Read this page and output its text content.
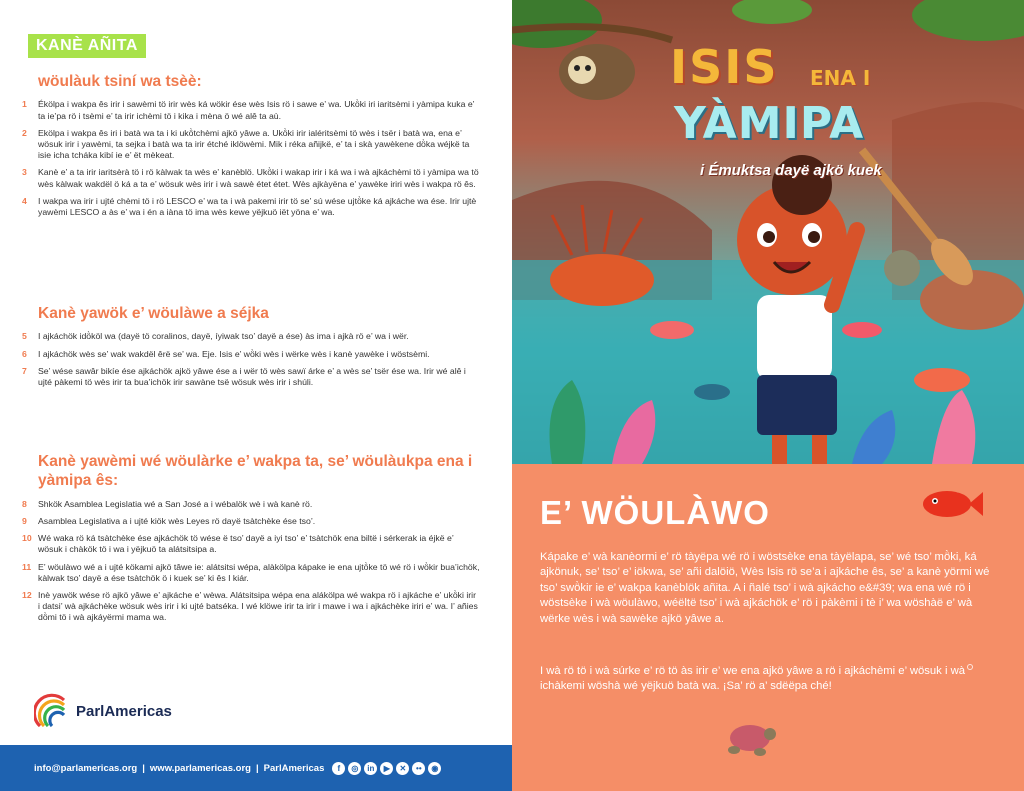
KANÈ AÑITA
wöulàuk tsiní wa tsèè:
1 Ékölpa i wakpa ês irir i sawèmi tö irir wès ká wökir ése wès Isis rö i sawe e’ wa. Ukö̀ki iri iaritsèmi i yàmipa kuka e’ ta ie’pa rö i tsèmi e’ ta irir ichèmi tö i kika i mèna ö wé alê ta aù.
2 Ekölpa i wakpa ês iri i batà wa ta i ki ukö̀tchèmi ajkö yâwe a. Ukö̀ki irir ialéritsèmi tö wès i tsër i batà wa, ena e’ wösuk irir i yawèmi, ta sejka i batà wa ta irir étché iklöwèmi. Mik i réka añijkë, e’ ta i skà yawèkene dö̀ka wéjkë ta isie icha tcháka kibí ie e’ ët mèkeat.
3 Kanè e’ a ta irir iaritsèrà tö i rö kàlwak ta wès e’ kanèblö. Ukö̀ki i wakap irir i ká wa i wà ajkáchèmi tö i yàmipa wa tö wès kàlwak wakdël ö ká a ta e’ wösuk wès irir i wà sawè étet étet. Wès ajkàyëna e’ yawèke iriri wès i wakpa rö ês.
4 I wakpa wa irir i ujté chèmi tö i rö LESCO e’ wa ta i wà pakemi irir tö se’ sú wése ujtö̀ke ká ajkáche wa ése. Irir ujtè yawèmi LESCO a às e’ wa i én a iàna tö ima wès kewe yëjkuö iët yöna e’ wa.
Kanè yawök e’ wöulàwe a séjka
5 I ajkáchök idö̀köl wa (dayë tö coralinos, dayë, íyiwak tso’ dayë a ése) às ima i ajkà rö e’ wa i wër.
6 I ajkáchök wès se’ wak wakdël êrë se’ wa. Eje. Isis e’ wö̀ki wès i wërke wès i kanè yawèke i wöstsèmi.
7 Se’ wése sawâr bikíe ése ajkáchök ajkö yâwe ése a i wër tö wès sawï árke e’ a wès se’ tsër ése wa. Irir wé alê i ujté pàkemi tö wès irir ta bua’ichök irir sawàne tsë wösuk wès irir i shúli.
Kanè yawèmi wé wöulàrke e’ wakpa ta, se’ wöulàukpa ena i yàmipa ês:
8 Shkök Asamblea Legislatia wé a San José a i wébalök wè i wà kanè rö.
9 Asamblea Legislativa a i ujté kiök wès Leyes rö dayë tsàtchèke ése tso’.
10 Wé waka rö ká tsàtchèke ése ajkáchök tö wése ë tso’ dayë a iyi tso’ e’ tsàtchök ena biltë i sérkerak ia éjkë e’ wösuk i chàkök tö i wa i yëjkuö ta alátsitsipa a.
11 E’ wöulàwo wé a i ujté kökami ajkö tâwe ie: alátsitsi wépa, alàkölpa kápake ie ena ujtö̀ke tö wé rö i wö̀kir bua’ichök, kàlwak tso’ dayë a ése tsàtchök ö i kuek se’ ki ês I kiár.
12 Inè yawök wése rö ajkö yâwe e’ ajkáche e’ wèwa. Alátsitsipa wépa ena alákölpa wé wakpa rö i ajkáche e’ ukö̀ki irir i datsi’ wà ajkáchèke wösuk wès irir i ki ujté batséka. I wé klöwe irir ta irir i mawe i wa i ajkáchèke iriri e’ wa. I’ añies dö̀mi tö i wà ajkáyërmi mama wa.
ParlAmericas
info@parlamericas.org | www.parlamericas.org | ParlAmericas	f	◎	in	▶	✕	••	◉
ISIS ENA I
YÀMIPA
i Émuktsa dayë ajkö kuek
E’ WÖULÀWO

Kápake e’ wà kanèormi e’ rö tàyëpa wé rö i wöstsèke ena tàyëlapa, se’ wé tso’ mö̀ki, ká ajkönuk, se’ tso’ e’ iökwa, se’ añi dalöiö, Wès Isis rö se’a i ajkáche ês, se’ a kanè yörmi wé tso’ swö̀kir ie e’ wakpa kanèblök añita. A i ñalé tso’ i wà ajkácho e&#39; wa ena wé rö i wöstsèke i wà wöulàwo, wéëltë tso’ i wà ajkáchök e’ rö i pàkèmi i tè i’ wa wöshàë e’ wà wërke wès i wà sawèke ajkö yâwe a.

I wà rö tö i wà súrke e’ rö tö às irir e’ we ena ajkö yâwe a rö i ajkáchèmi e’ wösuk i wà ichàkemi wöshà wé yëjkuö batà wa. ¡Sa’ rö a’ sdëëpa ché!
